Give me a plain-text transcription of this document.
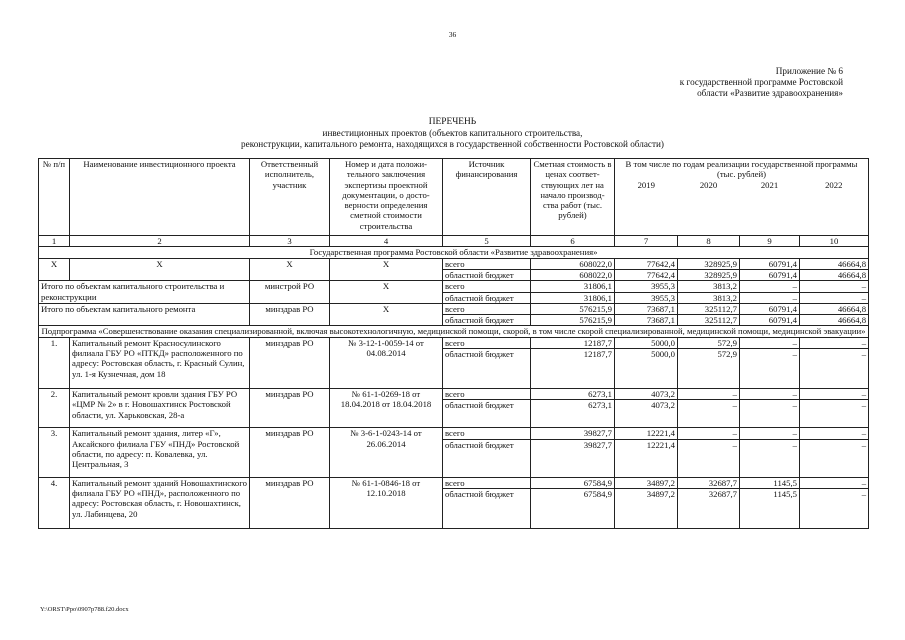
36
Приложение № 6
к государственной программе Ростовской
области «Развитие здравоохранения»
ПЕРЕЧЕНЬ
инвестиционных проектов (объектов капитального строительства,
реконструкции, капитального ремонта, находящихся в государственной собственности Ростовской области)
№ п/п	Наименование инвестиционного проекта	Ответственный исполнитель, участник	Номер и дата положи-тельного заключения экспертизы проектной документации, о досто-верности определения сметной стоимости строительства	Источник финансирования	Сметная стоимость в ценах соответ-ствующих лет на начало производ-ства работ (тыс. рублей)	В том числе по годам реализации государственной программы (тыс. рублей)			
						2019	2020	2021	2022
1	2	3	4	5	6	7	8	9	10
Государственная программа Ростовской области «Развитие здравоохранения»									
X	X	X	X	всего	608022,0	77642,4	328925,9	60791,4	46664,8
				областной бюджет	608022,0	77642,4	328925,9	60791,4	46664,8
Итого по объектам капитального строительства и реконструкции		минстрой РО	X	всего	31806,1	3955,3	3813,2	–	–
				областной бюджет	31806,1	3955,3	3813,2	–	–
Итого по объектам капитального ремонта		минздрав РО	X	всего	576215,9	73687,1	325112,7	60791,4	46664,8
				областной бюджет	576215,9	73687,1	325112,7	60791,4	46664,8
Подпрограмма «Совершенствование оказания специализированной, включая высокотехнологичную, медицинской помощи, скорой, в том числе скорой специализированной, медицинской помощи, медицинской эвакуации»									
1.	Капитальный ремонт Красносулинского филиала ГБУ РО «ПТКД» расположенного по адресу: Ростовская область, г. Красный Сулин, ул. 1-я Кузнечная, дом 18	минздрав РО	№ 3-12-1-0059-14 от 04.08.2014	всего	12187,7	5000,0	572,9	–	–
				областной бюджет	12187,7	5000,0	572,9	–	–
2.	Капитальный ремонт кровли здания ГБУ РО «ЦМР № 2» в г. Новошахтинск Ростовской области, ул. Харьковская, 28-а	минздрав РО	№ 61-1-0269-18 от 18.04.2018 от 18.04.2018	всего	6273,1	4073,2	–	–	–
				областной бюджет	6273,1	4073,2	–	–	–
3.	Капитальный ремонт здания, литер «Г», Аксайского филиала ГБУ «ПНД» Ростовской области, по адресу: п. Ковалевка, ул. Центральная, 3	минздрав РО	№ 3-6-1-0243-14 от 26.06.2014	всего	39827,7	12221,4	–	–	–
				областной бюджет	39827,7	12221,4	–	–	–
4.	Капитальный ремонт зданий Новошахтинского филиала ГБУ РО «ПНД», расположенного по адресу: Ростовская область, г. Новошахтинск, ул. Лабинцева, 20	минздрав РО	№ 61-1-0846-18 от 12.10.2018	всего	67584,9	34897,2	32687,7	1145,5	–
				областной бюджет	67584,9	34897,2	32687,7	1145,5	–
Y:\ORST\Ppo\0907p788.f20.docx
